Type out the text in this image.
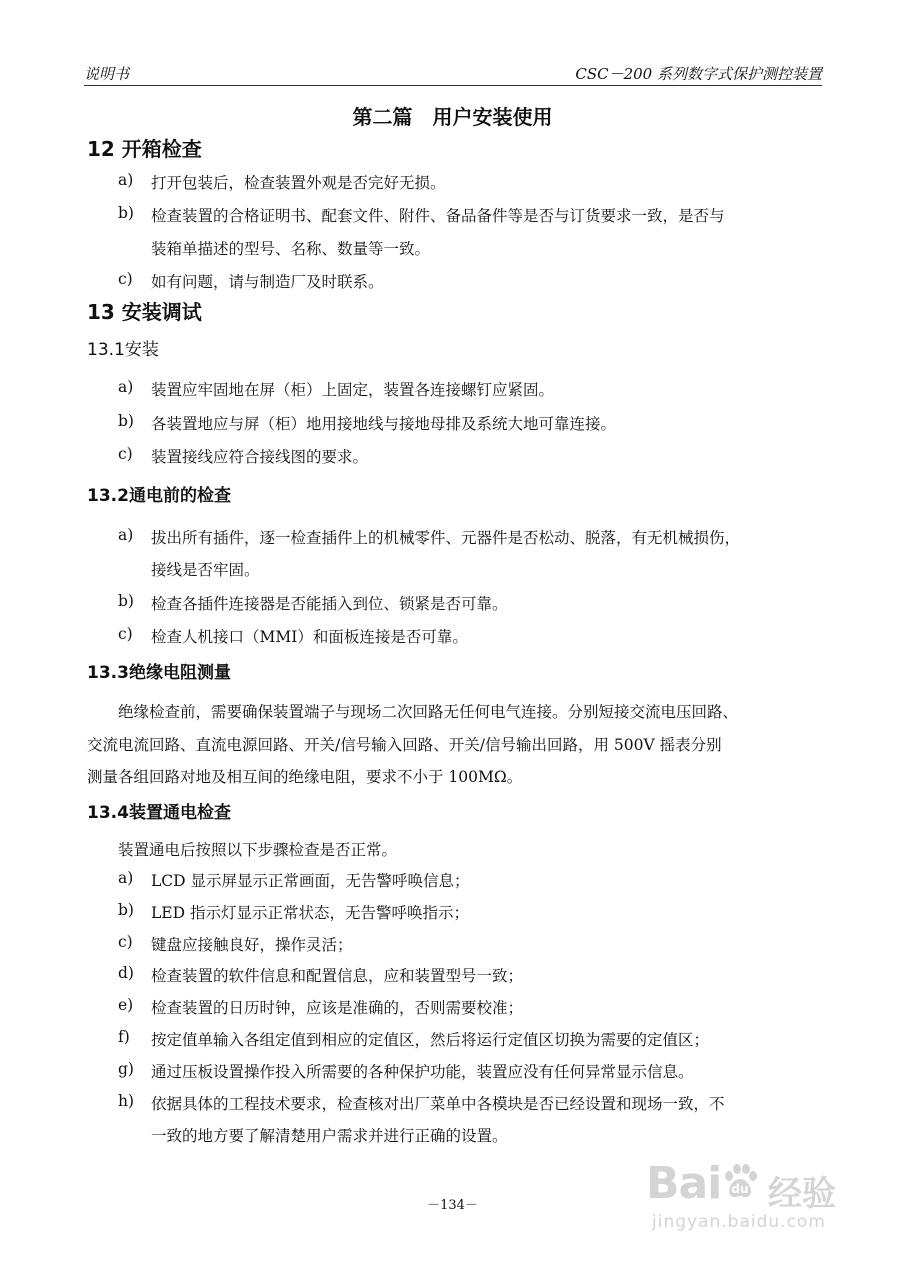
说明书	CSC－200 系列数字式保护测控装置
第二篇　用户安装使用
12 开箱检查
a) 打开包装后，检查装置外观是否完好无损。
b) 检查装置的合格证明书、配套文件、附件、备品备件等是否与订货要求一致，是否与
装箱单描述的型号、名称、数量等一致。
c) 如有问题，请与制造厂及时联系。
13 安装调试
13.1安装
a) 装置应牢固地在屏（柜）上固定，装置各连接螺钉应紧固。
b) 各装置地应与屏（柜）地用接地线与接地母排及系统大地可靠连接。
c) 装置接线应符合接线图的要求。
13.2通电前的检查
a) 拔出所有插件，逐一检查插件上的机械零件、元器件是否松动、脱落，有无机械损伤，
接线是否牢固。
b) 检查各插件连接器是否能插入到位、锁紧是否可靠。
c) 检查人机接口（MMI）和面板连接是否可靠。
13.3绝缘电阻测量
绝缘检查前，需要确保装置端子与现场二次回路无任何电气连接。分别短接交流电压回路、
交流电流回路、直流电源回路、开关/信号输入回路、开关/信号输出回路，用 500V 摇表分别
测量各组回路对地及相互间的绝缘电阻，要求不小于 100MΩ。
13.4装置通电检查
装置通电后按照以下步骤检查是否正常。
a) LCD 显示屏显示正常画面，无告警呼唤信息；
b) LED 指示灯显示正常状态，无告警呼唤指示；
c) 键盘应接触良好，操作灵活；
d) 检查装置的软件信息和配置信息，应和装置型号一致；
e) 检查装置的日历时钟，应该是准确的，否则需要校准；
f) 按定值单输入各组定值到相应的定值区，然后将运行定值区切换为需要的定值区；
g) 通过压板设置操作投入所需要的各种保护功能，装置应没有任何异常显示信息。
h) 依据具体的工程技术要求，检查核对出厂菜单中各模块是否已经设置和现场一致，不
一致的地方要了解清楚用户需求并进行正确的设置。
－134－	Bai du 经验
jingyan.baidu.com
